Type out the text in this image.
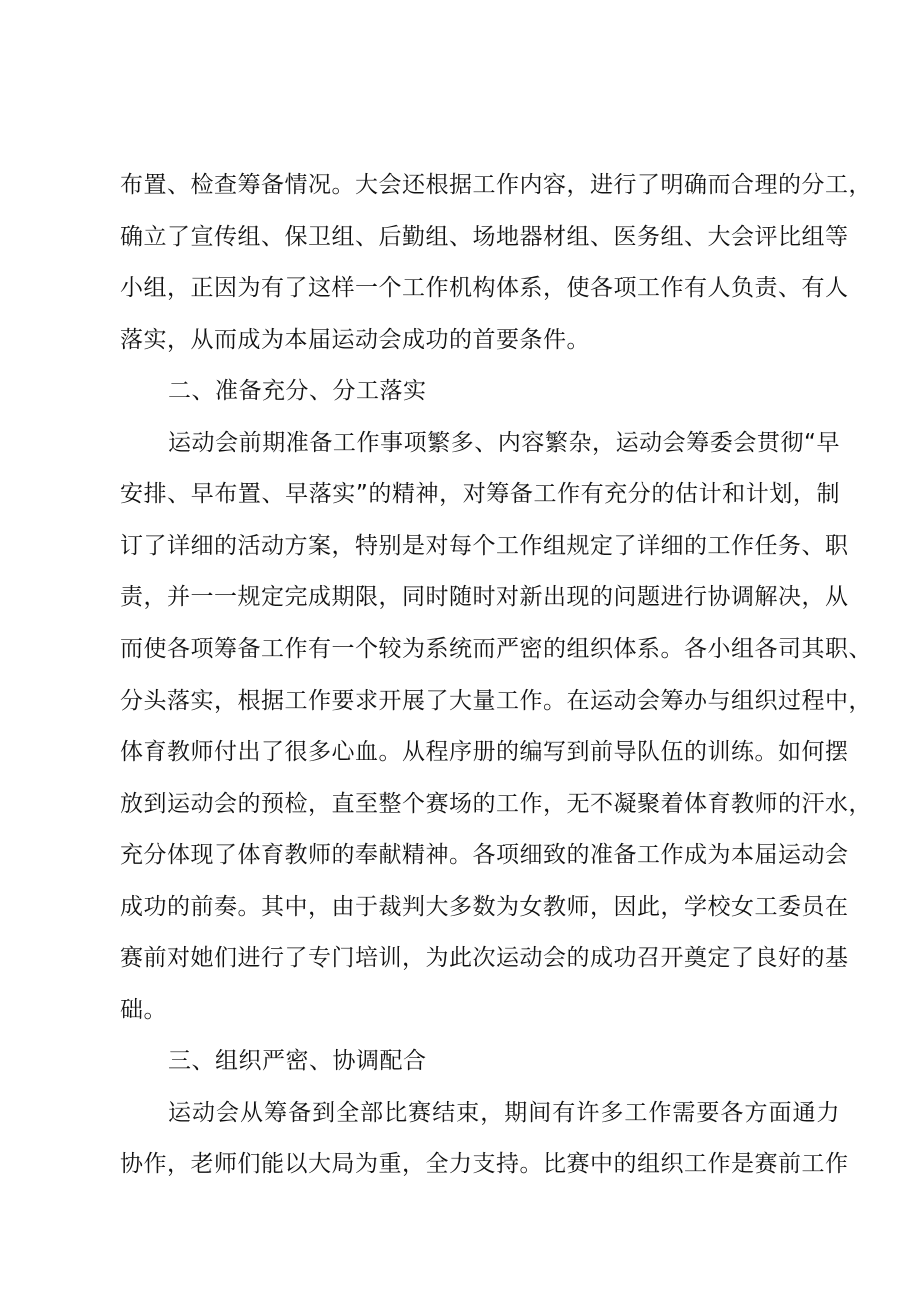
布置、检查筹备情况。大会还根据工作内容，进行了明确而合理的分工，
确立了宣传组、保卫组、后勤组、场地器材组、医务组、大会评比组等
小组，正因为有了这样一个工作机构体系，使各项工作有人负责、有人
落实，从而成为本届运动会成功的首要条件。
二、准备充分、分工落实
运动会前期准备工作事项繁多、内容繁杂，运动会筹委会贯彻“早
安排、早布置、早落实”的精神，对筹备工作有充分的估计和计划，制
订了详细的活动方案，特别是对每个工作组规定了详细的工作任务、职
责，并一一规定完成期限，同时随时对新出现的问题进行协调解决，从
而使各项筹备工作有一个较为系统而严密的组织体系。各小组各司其职、
分头落实，根据工作要求开展了大量工作。在运动会筹办与组织过程中，
体育教师付出了很多心血。从程序册的编写到前导队伍的训练。如何摆
放到运动会的预检，直至整个赛场的工作，无不凝聚着体育教师的汗水，
充分体现了体育教师的奉献精神。各项细致的准备工作成为本届运动会
成功的前奏。其中，由于裁判大多数为女教师，因此，学校女工委员在
赛前对她们进行了专门培训，为此次运动会的成功召开奠定了良好的基
础。
三、组织严密、协调配合
运动会从筹备到全部比赛结束，期间有许多工作需要各方面通力
协作，老师们能以大局为重，全力支持。比赛中的组织工作是赛前工作
